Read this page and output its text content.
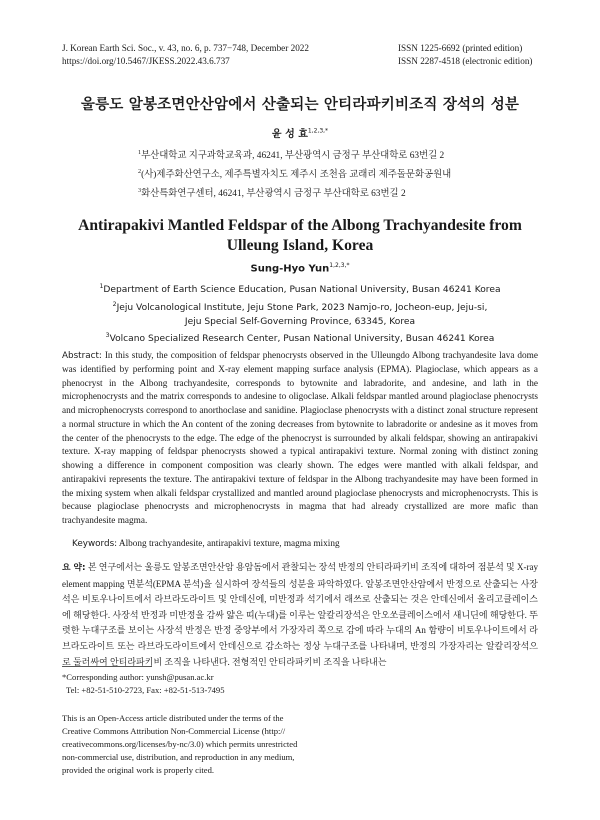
J. Korean Earth Sci. Soc., v. 43, no. 6, p. 737−748, December 2022
https://doi.org/10.5467/JKESS.2022.43.6.737
ISSN 1225-6692 (printed edition)
ISSN 2287-4518 (electronic edition)
울릉도 알봉조면안산암에서 산출되는 안티라파키비조직 장석의 성분
윤 성 효$^{1,2,3,*}$
$^1$부산대학교 지구과학교육과, 46241, 부산광역시 금정구 부산대학로 63번길 2
$^2$(사)제주화산연구소, 제주특별자치도 제주시 조천읍 교래리 제주돌문화공원내
$^3$화산특화연구센터, 46241, 부산광역시 금정구 부산대학로 63번길 2
Antirapakivi Mantled Feldspar of the Albong Trachyandesite from
Ulleung Island, Korea
Sung-Hyo Yun$^{1,2,3,*}$
$^1$Department of Earth Science Education, Pusan National University, Busan 46241 Korea
$^2$Jeju Volcanological Institute, Jeju Stone Park, 2023 Namjo-ro, Jocheon-eup, Jeju-si,
Jeju Special Self-Governing Province, 63345, Korea
$^3$Volcano Specialized Research Center, Pusan National University, Busan 46241 Korea
Abstract: In this study, the composition of feldspar phenocrysts observed in the Ulleungdo Albong trachyandesite lava dome was identified by performing point and X-ray element mapping surface analysis (EPMA). Plagioclase, which appears as a phenocryst in the Albong trachyandesite, corresponds to bytownite and labradorite, and andesine, and lath in the microphenocrysts and the matrix corresponds to andesine to oligoclase. Alkali feldspar mantled around plagioclase phenocrysts and microphenocrysts correspond to anorthoclase and sanidine. Plagioclase phenocrysts with a distinct zonal structure represent a normal structure in which the An content of the zoning decreases from bytownite to labradorite or andesine as it moves from the center of the phenocrysts to the edge. The edge of the phenocryst is surrounded by alkali feldspar, showing an antirapakivi texture. X-ray mapping of feldspar phenocrysts showed a typical antirapakivi texture. Normal zoning with distinct zoning showing a difference in component composition was clearly shown. The edges were mantled with alkali feldspar, and antirapakivi represents the texture. The antirapakivi texture of feldspar in the Albong trachyandesite may have been formed in the mixing system when alkali feldspar crystallized and mantled around plagioclase phenocrysts and microphenocrysts. This is because plagioclase phenocrysts and microphenocrysts in magma that had already crystallized are more mafic than trachyandesite magma.
Keywords: Albong trachyandesite, antirapakivi texture, magma mixing
요 약: 본 연구에서는 울릉도 알봉조면안산암 용암돔에서 관찰되는 장석 반정의 안티라파키비 조직에 대하여 점분석 및 X-ray element mapping 면분석(EPMA 분석)을 실시하여 장석들의 성분을 파악하였다. 알봉조면안산암에서 반정으로 산출되는 사장석은 비토우나이트에서 라브라도라이트 및 안데신에, 미반정과 석기에서 래쓰로 산출되는 것은 안데신에서 올리고클레이스에 해당한다. 사장석 반정과 미반정을 감싸 얇은 띠(누대)를 이루는 알칼리장석은 안오쏘클레이스에서 새니딘에 해당한다. 뚜렷한 누대구조를 보이는 사장석 반정은 반정 중앙부에서 가장자리 쪽으로 감에 따라 누대의 An 함량이 비토우나이트에서 라브라도라이트 또는 라브라도라이트에서 안데신으로 감소하는 정상 누대구조를 나타내며, 반정의 가장자리는 알칼리장석으로 둘러싸여 안티라파키비 조직을 나타낸다. 전형적인 안티라파키비 조직을 나타내는
*Corresponding author: yunsh@pusan.ac.kr
Tel: +82-51-510-2723, Fax: +82-51-513-7495
This is an Open-Access article distributed under the terms of the
Creative Commons Attribution Non-Commercial License (http://
creativecommons.org/licenses/by-nc/3.0) which permits unrestricted
non-commercial use, distribution, and reproduction in any medium,
provided the original work is properly cited.
